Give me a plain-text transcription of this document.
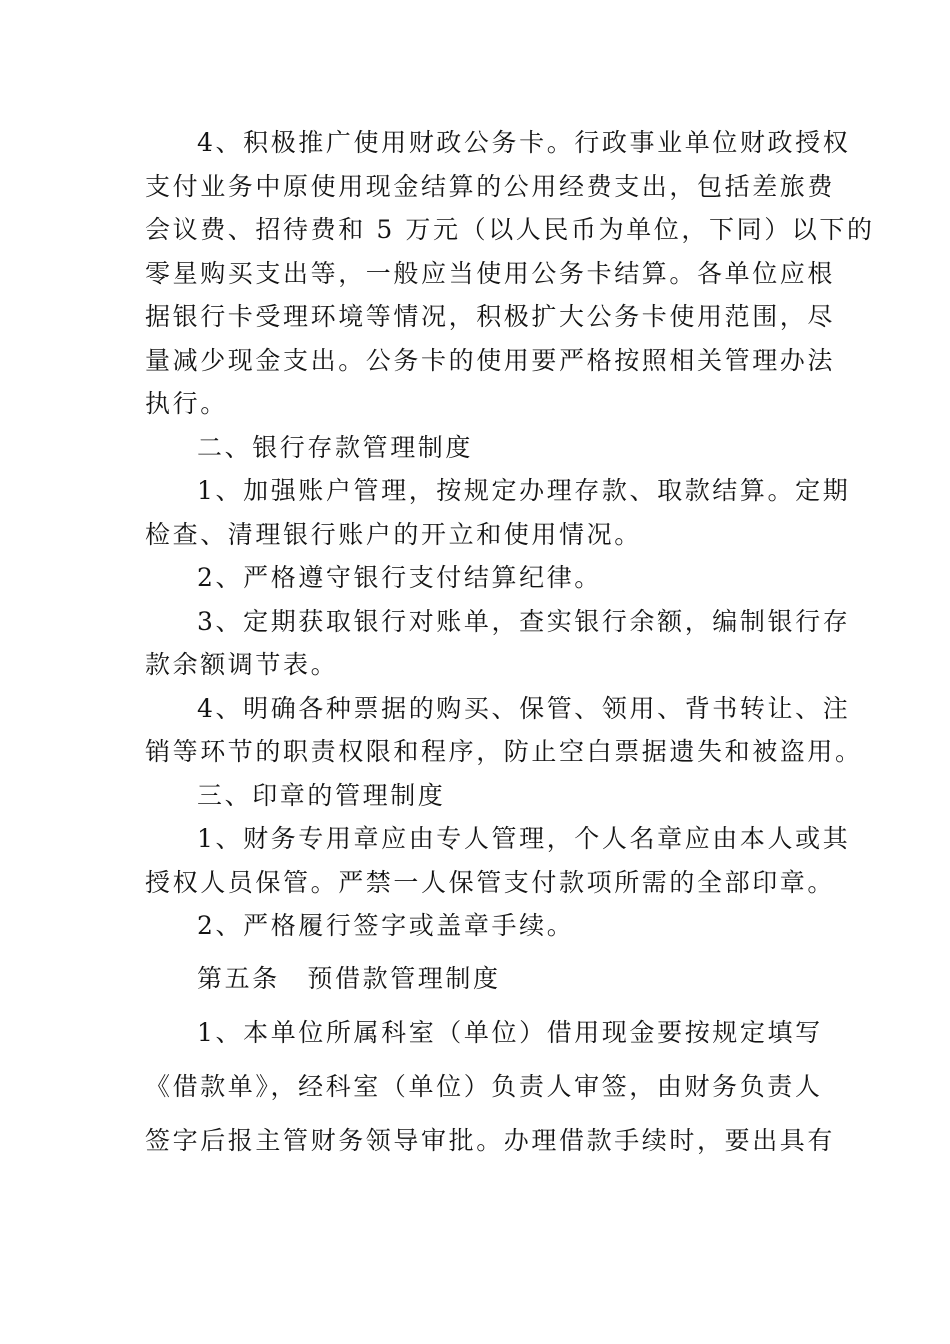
4、积极推广使用财政公务卡。行政事业单位财政授权
支付业务中原使用现金结算的公用经费支出，包括差旅费
会议费、招待费和 5 万元（以人民币为单位，下同）以下的
零星购买支出等，一般应当使用公务卡结算。各单位应根
据银行卡受理环境等情况，积极扩大公务卡使用范围，尽
量减少现金支出。公务卡的使用要严格按照相关管理办法
执行。

二、银行存款管理制度

1、加强账户管理，按规定办理存款、取款结算。定期
检查、清理银行账户的开立和使用情况。

2、严格遵守银行支付结算纪律。

3、定期获取银行对账单，查实银行余额，编制银行存
款余额调节表。

4、明确各种票据的购买、保管、领用、背书转让、注
销等环节的职责权限和程序，防止空白票据遗失和被盗用。

三、印章的管理制度

1、财务专用章应由专人管理，个人名章应由本人或其
授权人员保管。严禁一人保管支付款项所需的全部印章。

2、严格履行签字或盖章手续。

第五条　预借款管理制度

1、本单位所属科室（单位）借用现金要按规定填写
《借款单》，经科室（单位）负责人审签，由财务负责人
签字后报主管财务领导审批。办理借款手续时，要出具有
